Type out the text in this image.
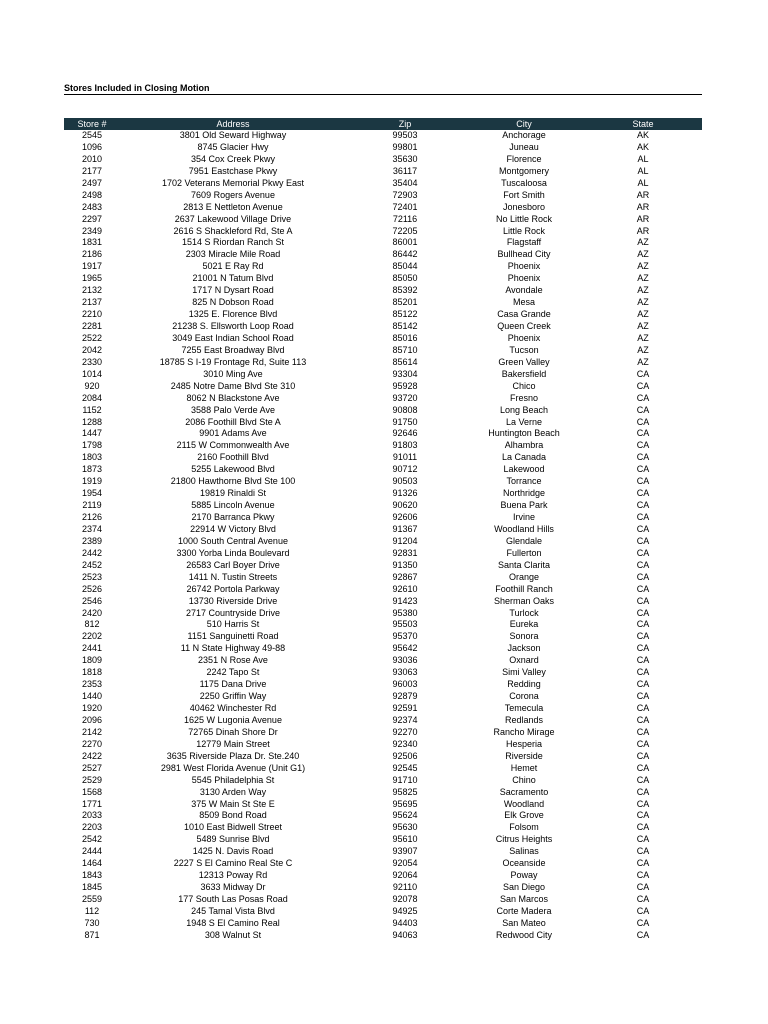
Stores Included in Closing Motion
Store #	Address	Zip	City	State
2545	3801 Old Seward Highway	99503	Anchorage	AK
1096	8745 Glacier Hwy	99801	Juneau	AK
2010	354 Cox Creek Pkwy	35630	Florence	AL
2177	7951 Eastchase Pkwy	36117	Montgomery	AL
2497	1702 Veterans Memorial Pkwy East	35404	Tuscaloosa	AL
2498	7609 Rogers Avenue	72903	Fort Smith	AR
2483	2813 E Nettleton Avenue	72401	Jonesboro	AR
2297	2637 Lakewood Village Drive	72116	No Little Rock	AR
2349	2616 S Shackleford Rd, Ste A	72205	Little Rock	AR
1831	1514 S Riordan Ranch St	86001	Flagstaff	AZ
2186	2303 Miracle Mile Road	86442	Bullhead City	AZ
1917	5021 E Ray Rd	85044	Phoenix	AZ
1965	21001 N Tatum Blvd	85050	Phoenix	AZ
2132	1717 N Dysart Road	85392	Avondale	AZ
2137	825 N Dobson Road	85201	Mesa	AZ
2210	1325 E. Florence Blvd	85122	Casa Grande	AZ
2281	21238 S. Ellsworth Loop Road	85142	Queen Creek	AZ
2522	3049 East Indian School Road	85016	Phoenix	AZ
2042	7255 East Broadway Blvd	85710	Tucson	AZ
2330	18785 S I-19 Frontage Rd, Suite 113	85614	Green Valley	AZ
1014	3010 Ming Ave	93304	Bakersfield	CA
920	2485 Notre Dame Blvd Ste 310	95928	Chico	CA
2084	8062 N Blackstone Ave	93720	Fresno	CA
1152	3588 Palo Verde Ave	90808	Long Beach	CA
1288	2086 Foothill Blvd Ste A	91750	La Verne	CA
1447	9901 Adams Ave	92646	Huntington Beach	CA
1798	2115 W Commonwealth Ave	91803	Alhambra	CA
1803	2160 Foothill Blvd	91011	La Canada	CA
1873	5255 Lakewood Blvd	90712	Lakewood	CA
1919	21800 Hawthorne Blvd Ste 100	90503	Torrance	CA
1954	19819 Rinaldi St	91326	Northridge	CA
2119	5885 Lincoln Avenue	90620	Buena Park	CA
2126	2170 Barranca Pkwy	92606	Irvine	CA
2374	22914 W Victory Blvd	91367	Woodland Hills	CA
2389	1000 South Central Avenue	91204	Glendale	CA
2442	3300 Yorba Linda Boulevard	92831	Fullerton	CA
2452	26583 Carl Boyer Drive	91350	Santa Clarita	CA
2523	1411 N. Tustin Streets	92867	Orange	CA
2526	26742 Portola Parkway	92610	Foothill Ranch	CA
2546	13730 Riverside Drive	91423	Sherman Oaks	CA
2420	2717 Countryside Drive	95380	Turlock	CA
812	510 Harris St	95503	Eureka	CA
2202	1151 Sanguinetti Road	95370	Sonora	CA
2441	11 N State Highway 49-88	95642	Jackson	CA
1809	2351 N Rose Ave	93036	Oxnard	CA
1818	2242 Tapo St	93063	Simi Valley	CA
2353	1175 Dana Drive	96003	Redding	CA
1440	2250 Griffin Way	92879	Corona	CA
1920	40462 Winchester Rd	92591	Temecula	CA
2096	1625 W Lugonia Avenue	92374	Redlands	CA
2142	72765 Dinah Shore Dr	92270	Rancho Mirage	CA
2270	12779 Main Street	92340	Hesperia	CA
2422	3635 Riverside Plaza Dr. Ste.240	92506	Riverside	CA
2527	2981 West Florida Avenue (Unit G1)	92545	Hemet	CA
2529	5545 Philadelphia St	91710	Chino	CA
1568	3130 Arden Way	95825	Sacramento	CA
1771	375 W Main St Ste E	95695	Woodland	CA
2033	8509 Bond Road	95624	Elk Grove	CA
2203	1010 East Bidwell Street	95630	Folsom	CA
2542	5489 Sunrise Blvd	95610	Citrus Heights	CA
2444	1425 N. Davis Road	93907	Salinas	CA
1464	2227 S El Camino Real Ste C	92054	Oceanside	CA
1843	12313 Poway Rd	92064	Poway	CA
1845	3633 Midway Dr	92110	San Diego	CA
2559	177 South Las Posas Road	92078	San Marcos	CA
112	245 Tamal Vista Blvd	94925	Corte Madera	CA
730	1948 S El Camino Real	94403	San Mateo	CA
871	308 Walnut St	94063	Redwood City	CA
